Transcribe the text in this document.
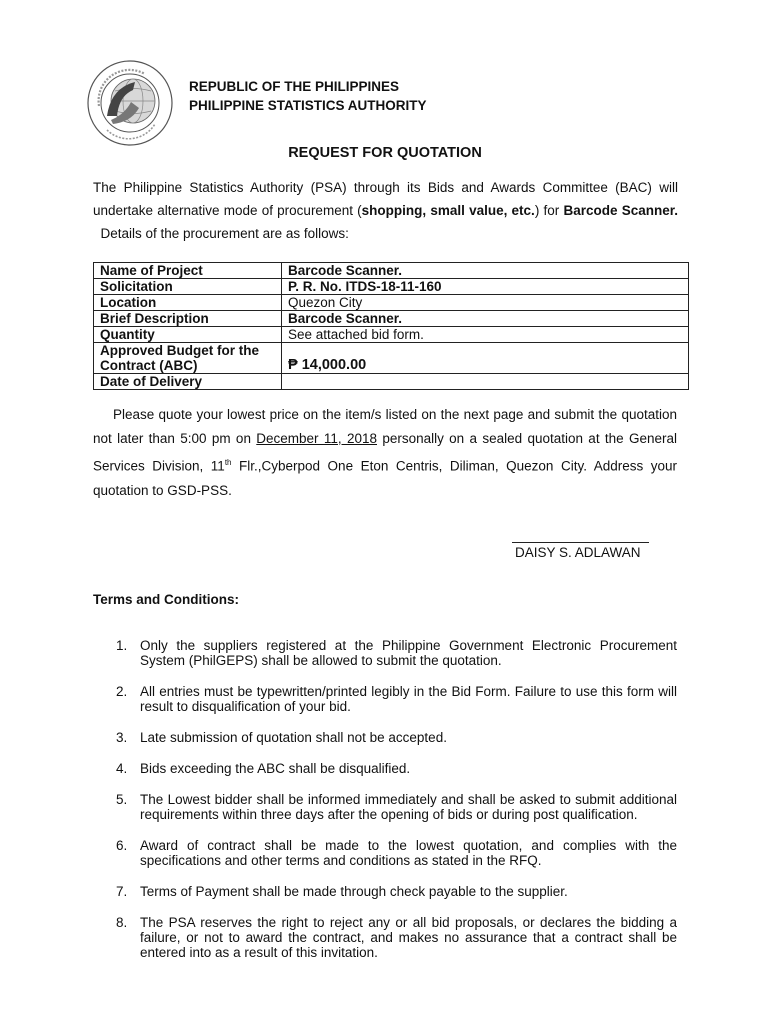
REPUBLIC OF THE PHILIPPINES
PHILIPPINE STATISTICS AUTHORITY
REQUEST FOR QUOTATION
The Philippine Statistics Authority (PSA) through its Bids and Awards Committee (BAC) will undertake alternative mode of procurement (shopping, small value, etc.) for Barcode Scanner.  Details of the procurement are as follows:
Name of Project	Barcode Scanner.
Solicitation	P. R. No. ITDS-18-11-160
Location	Quezon City
Brief Description	Barcode Scanner.
Quantity	See attached bid form.

Approved Budget for the
Contract (ABC)	₱ 14,000.00
Date of Delivery	
Please quote your lowest price on the item/s listed on the next page and submit the quotation not later than 5:00 pm on December 11, 2018 personally on a sealed quotation at the General Services Division, 11th Flr.,Cyberpod One Eton Centris, Diliman, Quezon City. Address your quotation to GSD-PSS.
DAISY S. ADLAWAN
Terms and Conditions:
1. Only the suppliers registered at the Philippine Government Electronic Procurement System (PhilGEPS) shall be allowed to submit the quotation.
2. All entries must be typewritten/printed legibly in the Bid Form. Failure to use this form will result to disqualification of your bid.
3. Late submission of quotation shall not be accepted.
4. Bids exceeding the ABC shall be disqualified.
5. The Lowest bidder shall be informed immediately and shall be asked to submit additional requirements within three days after the opening of bids or during post qualification.
6. Award of contract shall be made to the lowest quotation, and complies with the specifications and other terms and conditions as stated in the RFQ.
7. Terms of Payment shall be made through check payable to the supplier.
8. The PSA reserves the right to reject any or all bid proposals, or declares the bidding a failure, or not to award the contract, and makes no assurance that a contract shall be entered into as a result of this invitation.
